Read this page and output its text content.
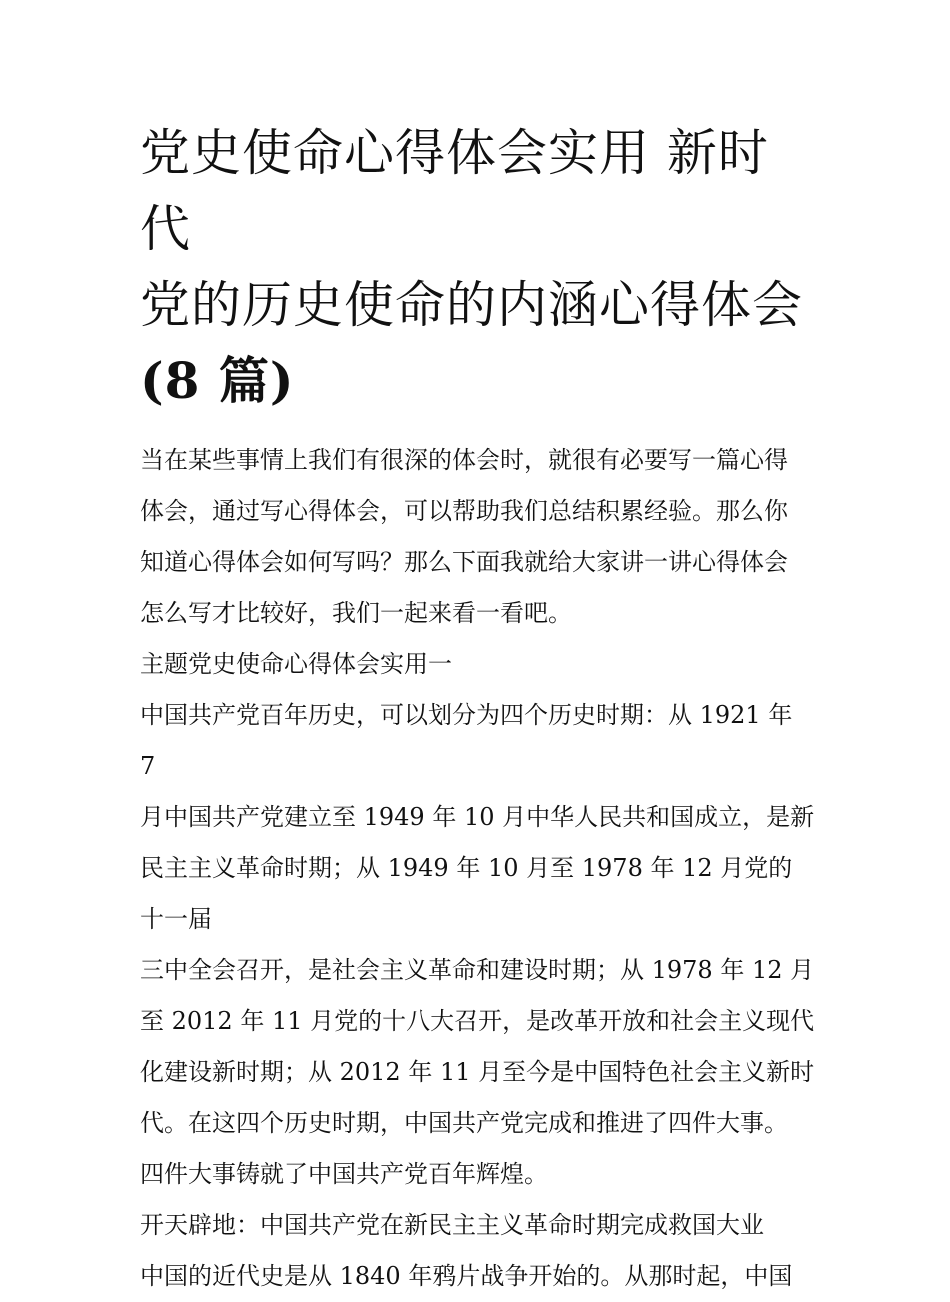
党史使命心得体会实用 新时代
党的历史使命的内涵心得体会
(8 篇)

当在某些事情上我们有很深的体会时，就很有必要写一篇心得

体会，通过写心得体会，可以帮助我们总结积累经验。那么你

知道心得体会如何写吗？那么下面我就给大家讲一讲心得体会

怎么写才比较好，我们一起来看一看吧。

主题党史使命心得体会实用一

中国共产党百年历史，可以划分为四个历史时期：从 1921 年 7

月中国共产党建立至 1949 年 10 月中华人民共和国成立，是新

民主主义革命时期；从 1949 年 10 月至 1978 年 12 月党的十一届

三中全会召开，是社会主义革命和建设时期；从 1978 年 12 月

至 2012 年 11 月党的十八大召开，是改革开放和社会主义现代

化建设新时期；从 2012 年 11 月至今是中国特色社会主义新时

代。在这四个历史时期，中国共产党完成和推进了四件大事。

四件大事铸就了中国共产党百年辉煌。

开天辟地：中国共产党在新民主主义革命时期完成救国大业

中国的近代史是从 1840 年鸦片战争开始的。从那时起，中国
